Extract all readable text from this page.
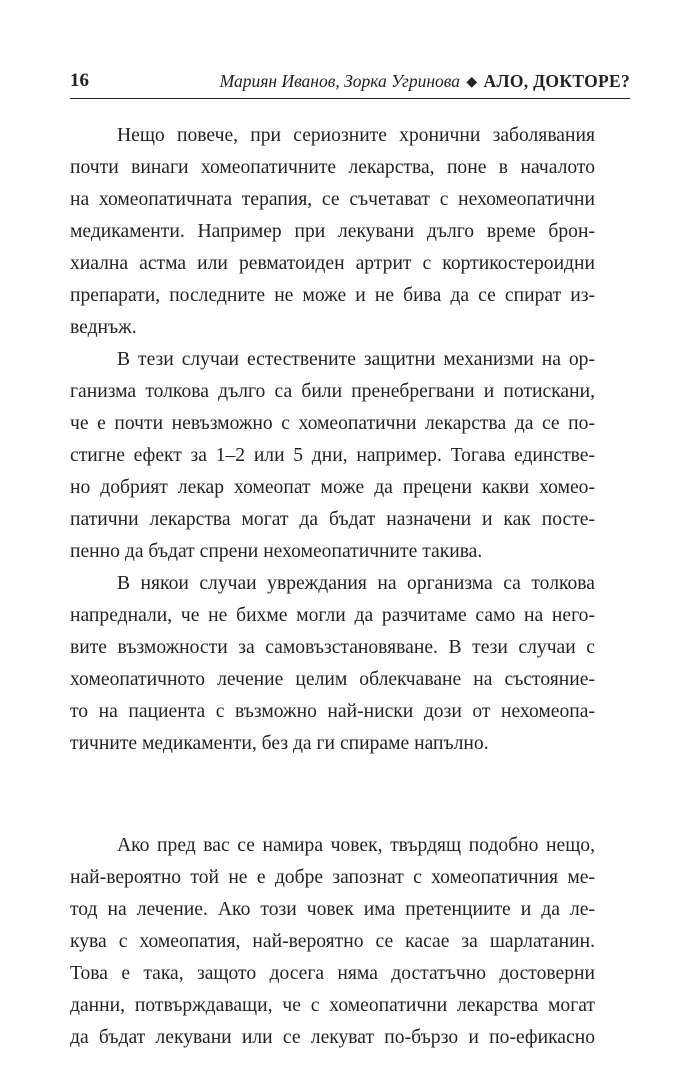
16	Мариян Иванов, Зорка Угринова ◆ АЛО, ДОКТОРЕ?
Нещо повече, при сериозните хронични заболявания
почти винаги хомеопатичните лекарства, поне в началото
на хомеопатичната терапия, се съчетават с нехомеопатични
медикаменти. Например при лекувани дълго време брон-
хиална астма или ревматоиден артрит с кортикостероидни
препарати, последните не може и не бива да се спират из-
веднъж.
В тези случаи естествените защитни механизми на ор-
ганизма толкова дълго са били пренебрегвани и потискани,
че е почти невъзможно с хомеопатични лекарства да се по-
стигне ефект за 1–2 или 5 дни, например. Тогава единстве-
но добрият лекар хомеопат може да прецени какви хомео-
патични лекарства могат да бъдат назначени и как посте-
пенно да бъдат спрени нехомеопатичните такива.
В някои случаи увреждания на организма са толкова
напреднали, че не бихме могли да разчитаме само на него-
вите възможности за самовъзстановяване. В тези случаи с
хомеопатичното лечение целим облекчаване на състояние-
то на пациента с възможно най-ниски дози от нехомеопа-
тичните медикаменти, без да ги спираме напълно.
Ако пред вас се намира човек, твърдящ подобно нещо,
най-вероятно той не е добре запознат с хомеопатичния ме-
тод на лечение. Ако този човек има претенциите и да ле-
кува с хомеопатия, най-вероятно се касае за шарлатанин.
Това е така, защото досега няма достатъчно достоверни
данни, потвърждаващи, че с хомеопатични лекарства могат
да бъдат лекувани или се лекуват по-бързо и по-ефикасно
